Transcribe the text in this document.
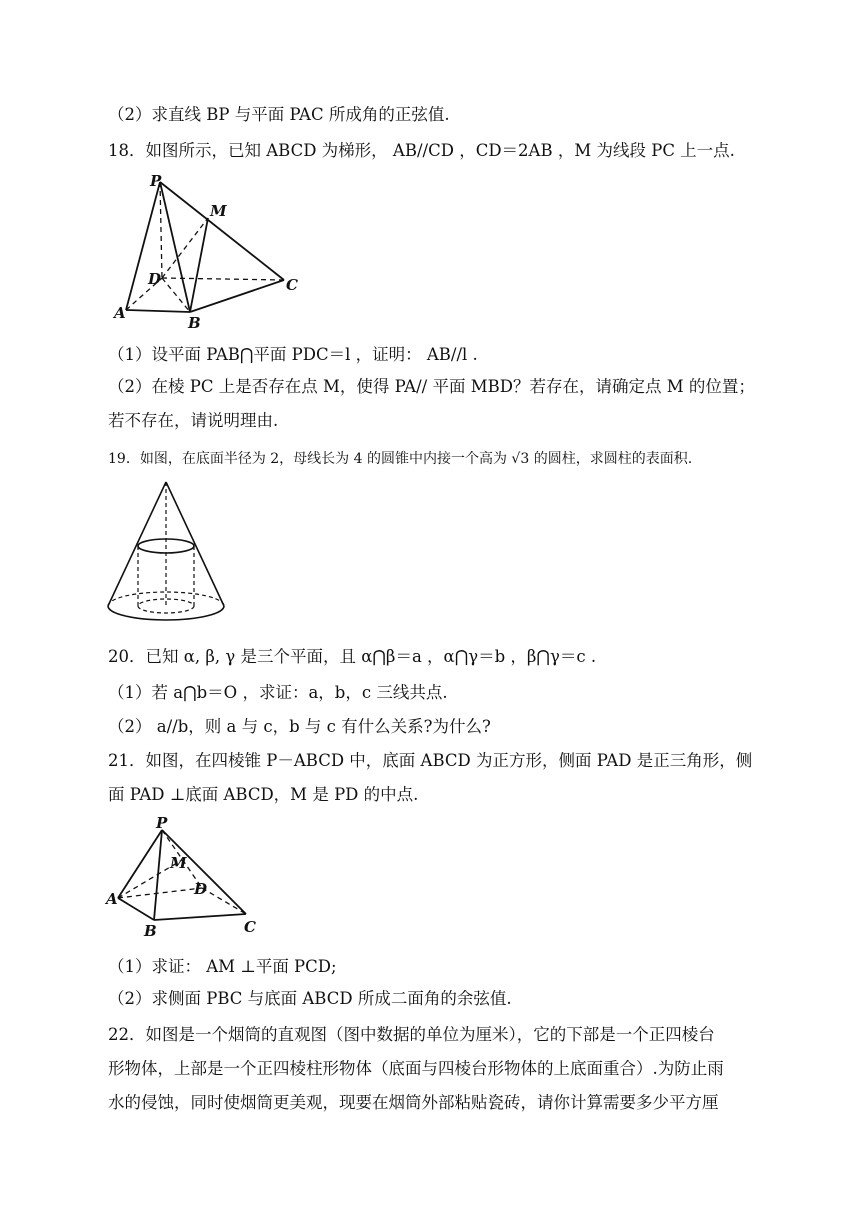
（2）求直线 BP 与平面 PAC 所成角的正弦值.
18．如图所示，已知 ABCD 为梯形， AB//CD ，CD＝2AB ，M 为线段 PC 上一点.
P
M
D	C
A
B
（1）设平面 PAB⋂平面 PDC＝l ，证明： AB//l .
（2）在棱 PC 上是否存在点 M，使得 PA// 平面 MBD？若存在，请确定点 M 的位置；
若不存在，请说明理由.
19．如图，在底面半径为 2，母线长为 4 的圆锥中内接一个高为 √3 的圆柱，求圆柱的表面积.
20．已知 α, β, γ 是三个平面，且 α⋂β＝a ，α⋂γ＝b ，β⋂γ＝c .
（1）若 a⋂b＝O ，求证：a，b，c 三线共点.
（2） a//b，则 a 与 c，b 与 c 有什么关系?为什么?
21．如图，在四棱锥 P－ABCD 中，底面 ABCD 为正方形，侧面 PAD 是正三角形，侧
面 PAD ⊥底面 ABCD，M 是 PD 的中点.
P
M
D
A
B	C
（1）求证： AM ⊥平面 PCD;
（2）求侧面 PBC 与底面 ABCD 所成二面角的余弦值.
22．如图是一个烟筒的直观图（图中数据的单位为厘米），它的下部是一个正四棱台
形物体，上部是一个正四棱柱形物体（底面与四棱台形物体的上底面重合）.为防止雨
水的侵蚀，同时使烟筒更美观，现要在烟筒外部粘贴瓷砖，请你计算需要多少平方厘
